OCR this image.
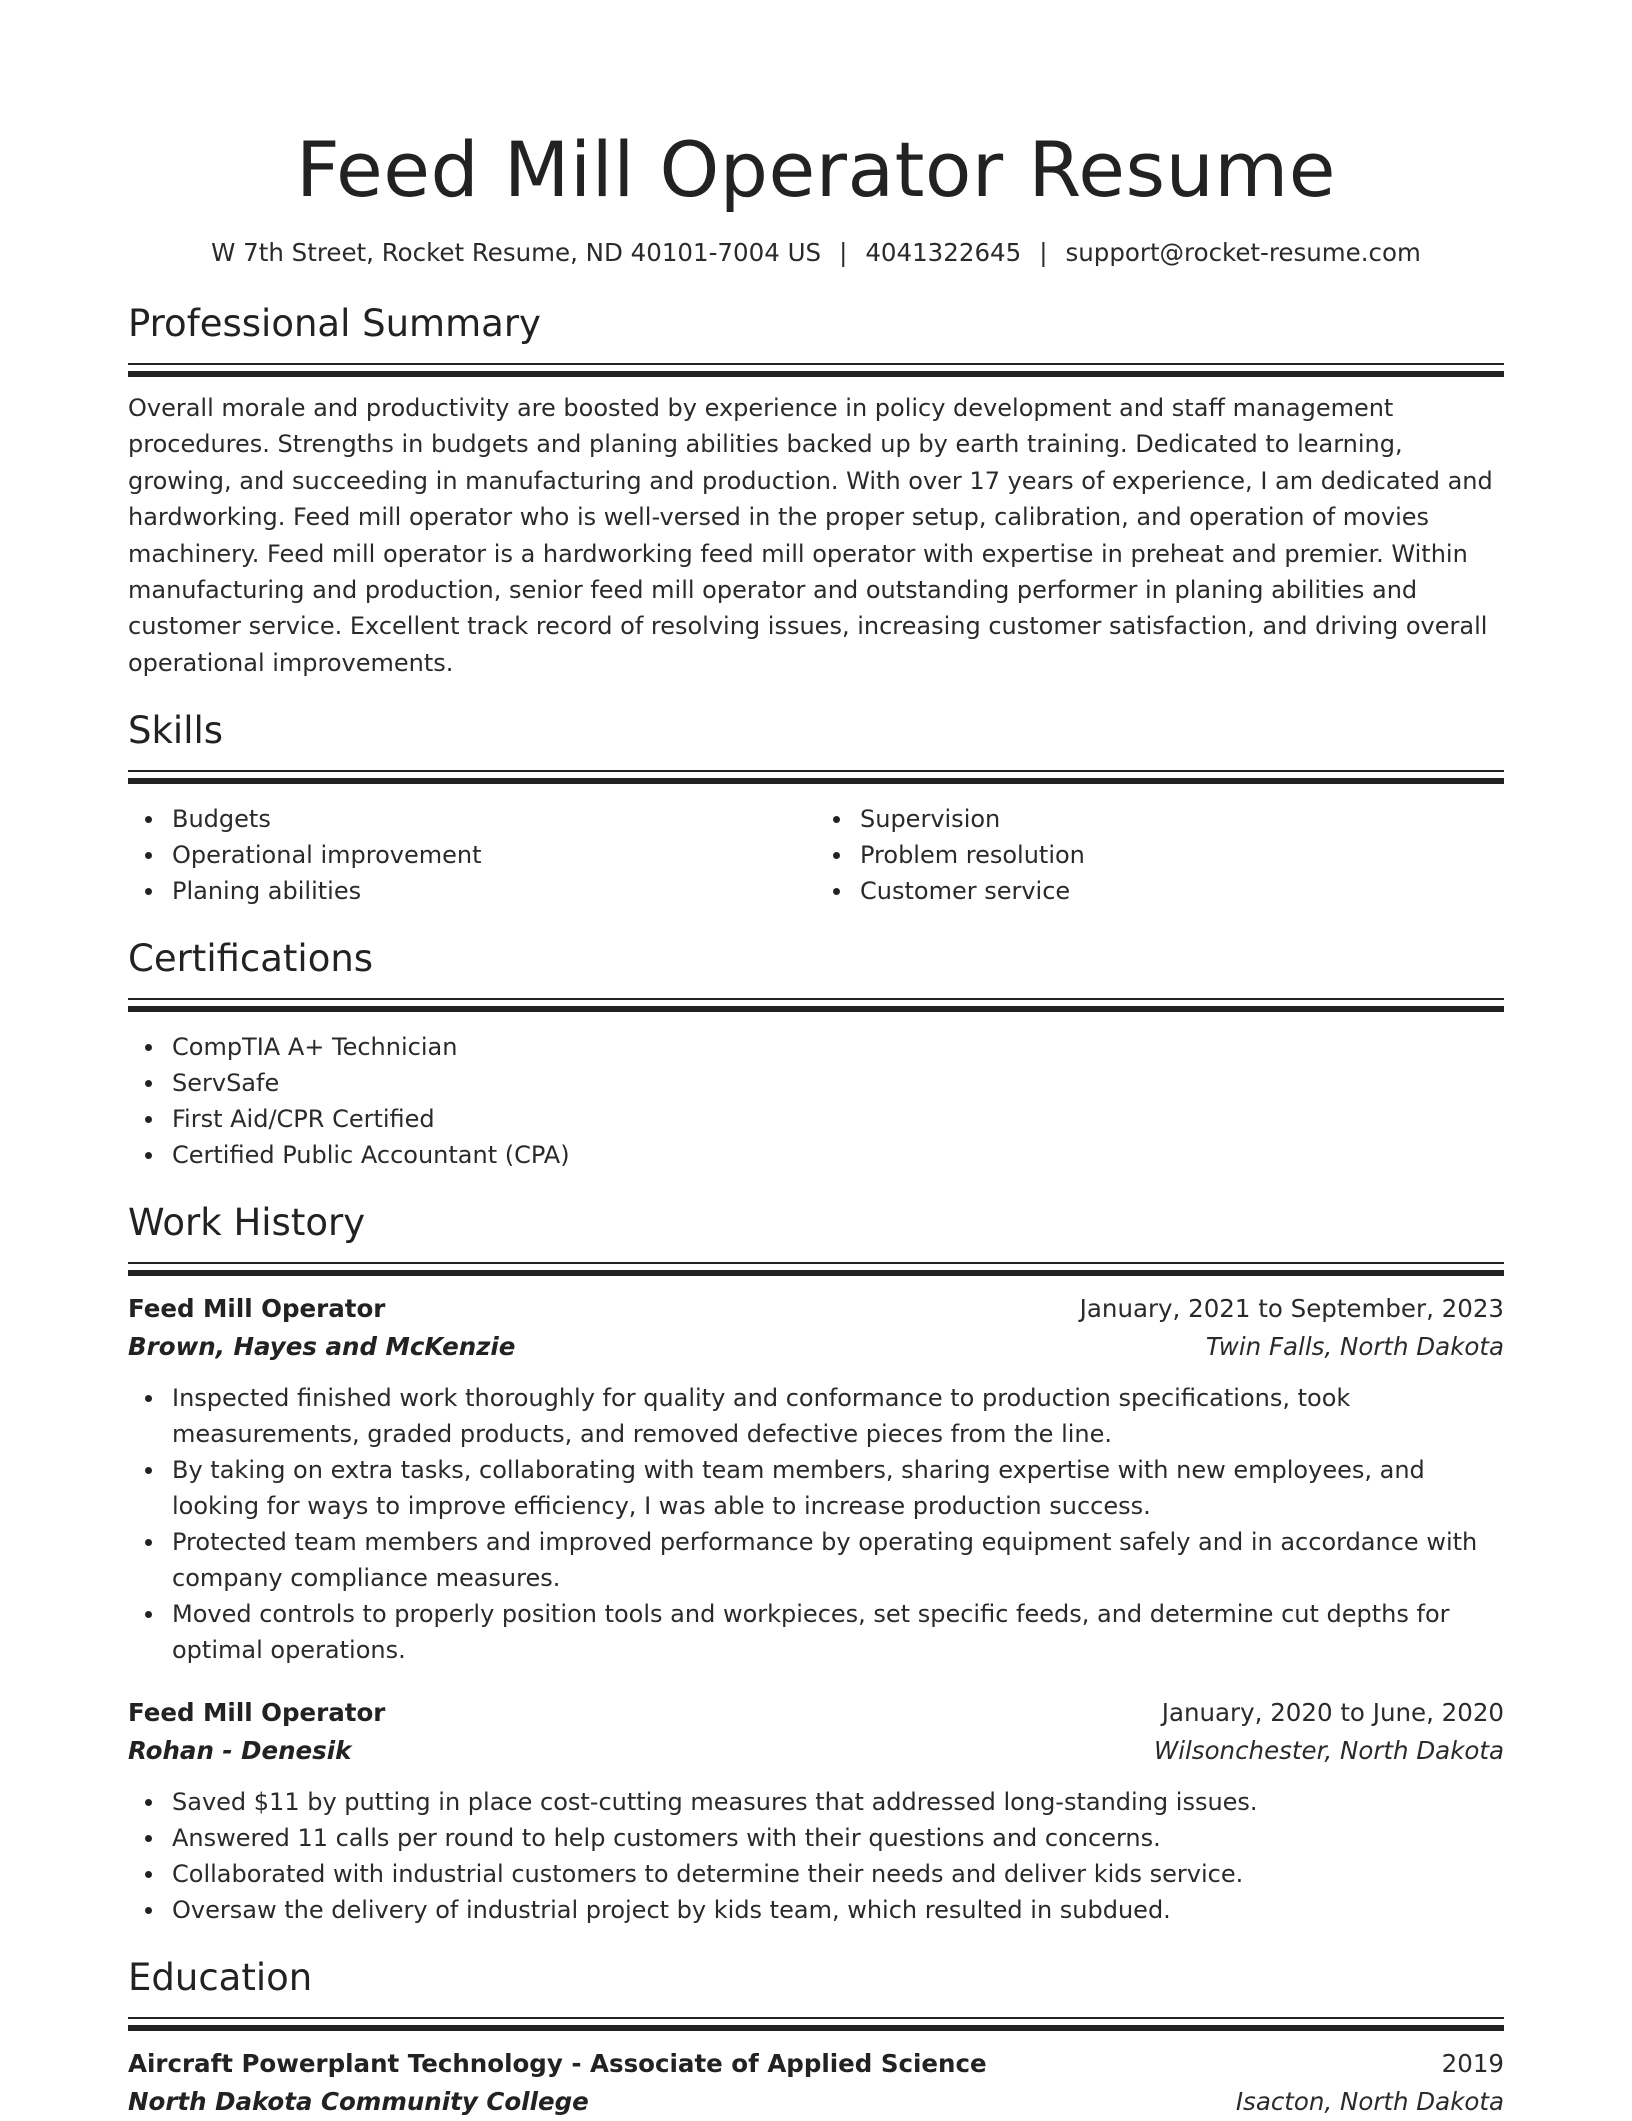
Feed Mill Operator Resume
W 7th Street, Rocket Resume, ND 40101-7004 US | 4041322645 | support@rocket-resume.com
Professional Summary

Overall morale and productivity are boosted by experience in policy development and staff management procedures. Strengths in budgets and planing abilities backed up by earth training. Dedicated to learning, growing, and succeeding in manufacturing and production. With over 17 years of experience, I am dedicated and hardworking. Feed mill operator who is well-versed in the proper setup, calibration, and operation of movies machinery. Feed mill operator is a hardworking feed mill operator with expertise in preheat and premier. Within manufacturing and production, senior feed mill operator and outstanding performer in planing abilities and customer service. Excellent track record of resolving issues, increasing customer satisfaction, and driving overall operational improvements.

Skills
Budgets
Operational improvement
Planing abilities
Supervision
Problem resolution
Customer service
Certifications
CompTIA A+ Technician
ServSafe
First Aid/CPR Certified
Certified Public Accountant (CPA)
Work History
Feed Mill Operator	January, 2021 to September, 2023
Brown, Hayes and McKenzie	Twin Falls, North Dakota
Inspected finished work thoroughly for quality and conformance to production specifications, took measurements, graded products, and removed defective pieces from the line.
By taking on extra tasks, collaborating with team members, sharing expertise with new employees, and looking for ways to improve efficiency, I was able to increase production success.
Protected team members and improved performance by operating equipment safely and in accordance with company compliance measures.
Moved controls to properly position tools and workpieces, set specific feeds, and determine cut depths for optimal operations.
Feed Mill Operator	January, 2020 to June, 2020
Rohan - Denesik	Wilsonchester, North Dakota
Saved $11 by putting in place cost-cutting measures that addressed long-standing issues.
Answered 11 calls per round to help customers with their questions and concerns.
Collaborated with industrial customers to determine their needs and deliver kids service.
Oversaw the delivery of industrial project by kids team, which resulted in subdued.
Education
Aircraft Powerplant Technology - Associate of Applied Science	2019
North Dakota Community College	Isacton, North Dakota
